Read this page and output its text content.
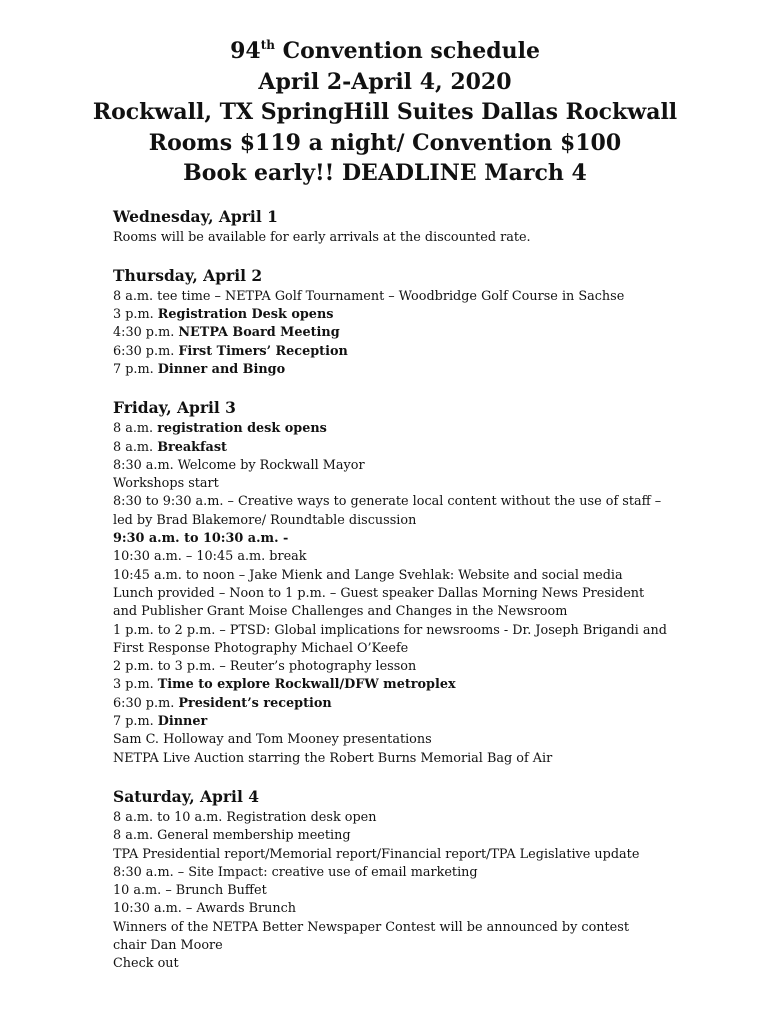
94th Convention schedule
April 2-April 4, 2020
Rockwall, TX SpringHill Suites Dallas Rockwall
Rooms $119 a night/ Convention $100
Book early!! DEADLINE March 4
Wednesday, April 1
Rooms will be available for early arrivals at the discounted rate.
Thursday, April 2
8 a.m. tee time – NETPA Golf Tournament – Woodbridge Golf Course in Sachse
3 p.m. Registration Desk opens
4:30 p.m. NETPA Board Meeting
6:30 p.m. First Timers’ Reception
7 p.m. Dinner and Bingo
Friday, April 3
8 a.m. registration desk opens
8 a.m. Breakfast
8:30 a.m. Welcome by Rockwall Mayor
Workshops start
8:30 to 9:30 a.m. – Creative ways to generate local content without the use of staff –
led by Brad Blakemore/ Roundtable discussion
9:30 a.m. to 10:30 a.m. -
10:30 a.m. – 10:45 a.m. break
10:45 a.m. to noon – Jake Mienk and Lange Svehlak: Website and social media
Lunch provided – Noon to 1 p.m. – Guest speaker Dallas Morning News President
and Publisher Grant Moise Challenges and Changes in the Newsroom
1 p.m. to 2 p.m. – PTSD: Global implications for newsrooms - Dr. Joseph Brigandi and
First Response Photography Michael O’Keefe
2 p.m. to 3 p.m. – Reuter’s photography lesson
3 p.m. Time to explore Rockwall/DFW metroplex
6:30 p.m. President’s reception
7 p.m. Dinner
Sam C. Holloway and Tom Mooney presentations
NETPA Live Auction starring the Robert Burns Memorial Bag of Air
Saturday, April 4
8 a.m. to 10 a.m. Registration desk open
8 a.m. General membership meeting
TPA Presidential report/Memorial report/Financial report/TPA Legislative update
8:30 a.m. – Site Impact: creative use of email marketing
10 a.m. – Brunch Buffet
10:30 a.m. – Awards Brunch
Winners of the NETPA Better Newspaper Contest will be announced by contest
chair Dan Moore
Check out
